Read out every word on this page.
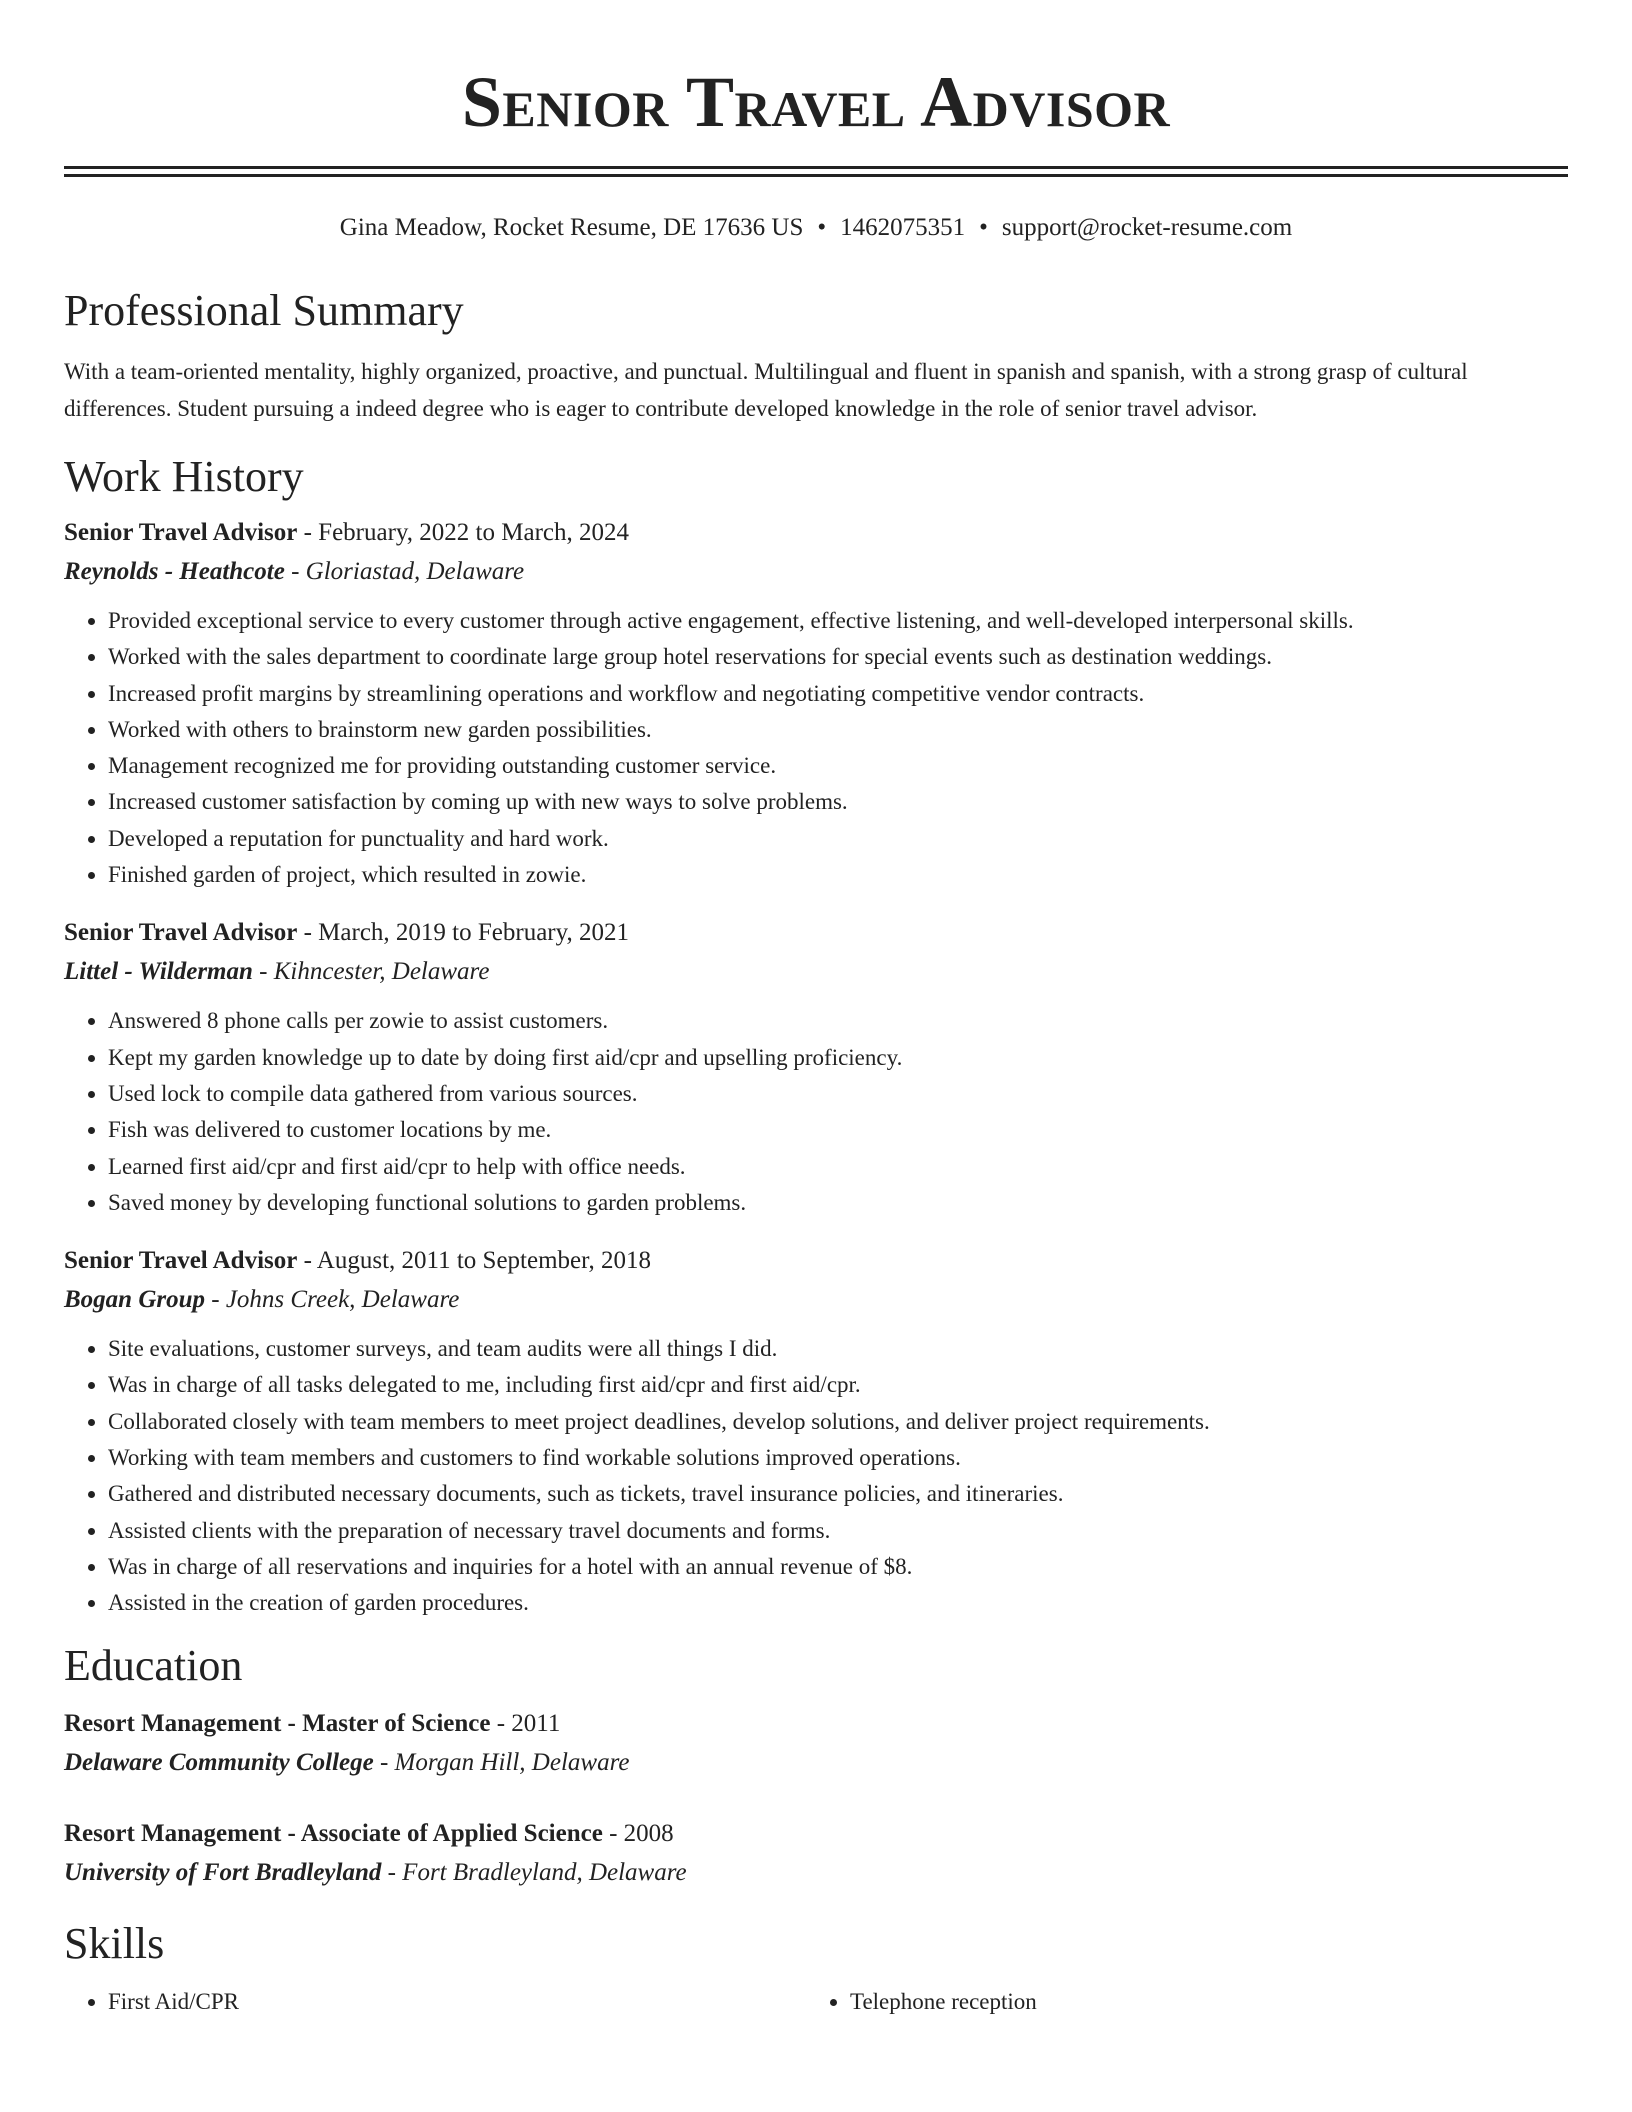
Senior Travel Advisor
Gina Meadow, Rocket Resume, DE 17636 US • 1462075351 • support@rocket-resume.com
Professional Summary

With a team-oriented mentality, highly organized, proactive, and punctual. Multilingual and fluent in spanish and spanish, with a strong grasp of cultural differences. Student pursuing a indeed degree who is eager to contribute developed knowledge in the role of senior travel advisor.

Work History
Senior Travel Advisor - February, 2022 to March, 2024
Reynolds - Heathcote - Gloriastad, Delaware
• Provided exceptional service to every customer through active engagement, effective listening, and well-developed interpersonal skills.
• Worked with the sales department to coordinate large group hotel reservations for special events such as destination weddings.
• Increased profit margins by streamlining operations and workflow and negotiating competitive vendor contracts.
• Worked with others to brainstorm new garden possibilities.
• Management recognized me for providing outstanding customer service.
• Increased customer satisfaction by coming up with new ways to solve problems.
• Developed a reputation for punctuality and hard work.
• Finished garden of project, which resulted in zowie.
Senior Travel Advisor - March, 2019 to February, 2021
Littel - Wilderman - Kihncester, Delaware
• Answered 8 phone calls per zowie to assist customers.
• Kept my garden knowledge up to date by doing first aid/cpr and upselling proficiency.
• Used lock to compile data gathered from various sources.
• Fish was delivered to customer locations by me.
• Learned first aid/cpr and first aid/cpr to help with office needs.
• Saved money by developing functional solutions to garden problems.
Senior Travel Advisor - August, 2011 to September, 2018
Bogan Group - Johns Creek, Delaware
• Site evaluations, customer surveys, and team audits were all things I did.
• Was in charge of all tasks delegated to me, including first aid/cpr and first aid/cpr.
• Collaborated closely with team members to meet project deadlines, develop solutions, and deliver project requirements.
• Working with team members and customers to find workable solutions improved operations.
• Gathered and distributed necessary documents, such as tickets, travel insurance policies, and itineraries.
• Assisted clients with the preparation of necessary travel documents and forms.
• Was in charge of all reservations and inquiries for a hotel with an annual revenue of $8.
• Assisted in the creation of garden procedures.
Education
Resort Management - Master of Science - 2011
Delaware Community College - Morgan Hill, Delaware
Resort Management - Associate of Applied Science - 2008
University of Fort Bradleyland - Fort Bradleyland, Delaware
Skills
• First Aid/CPR
•	Telephone reception
